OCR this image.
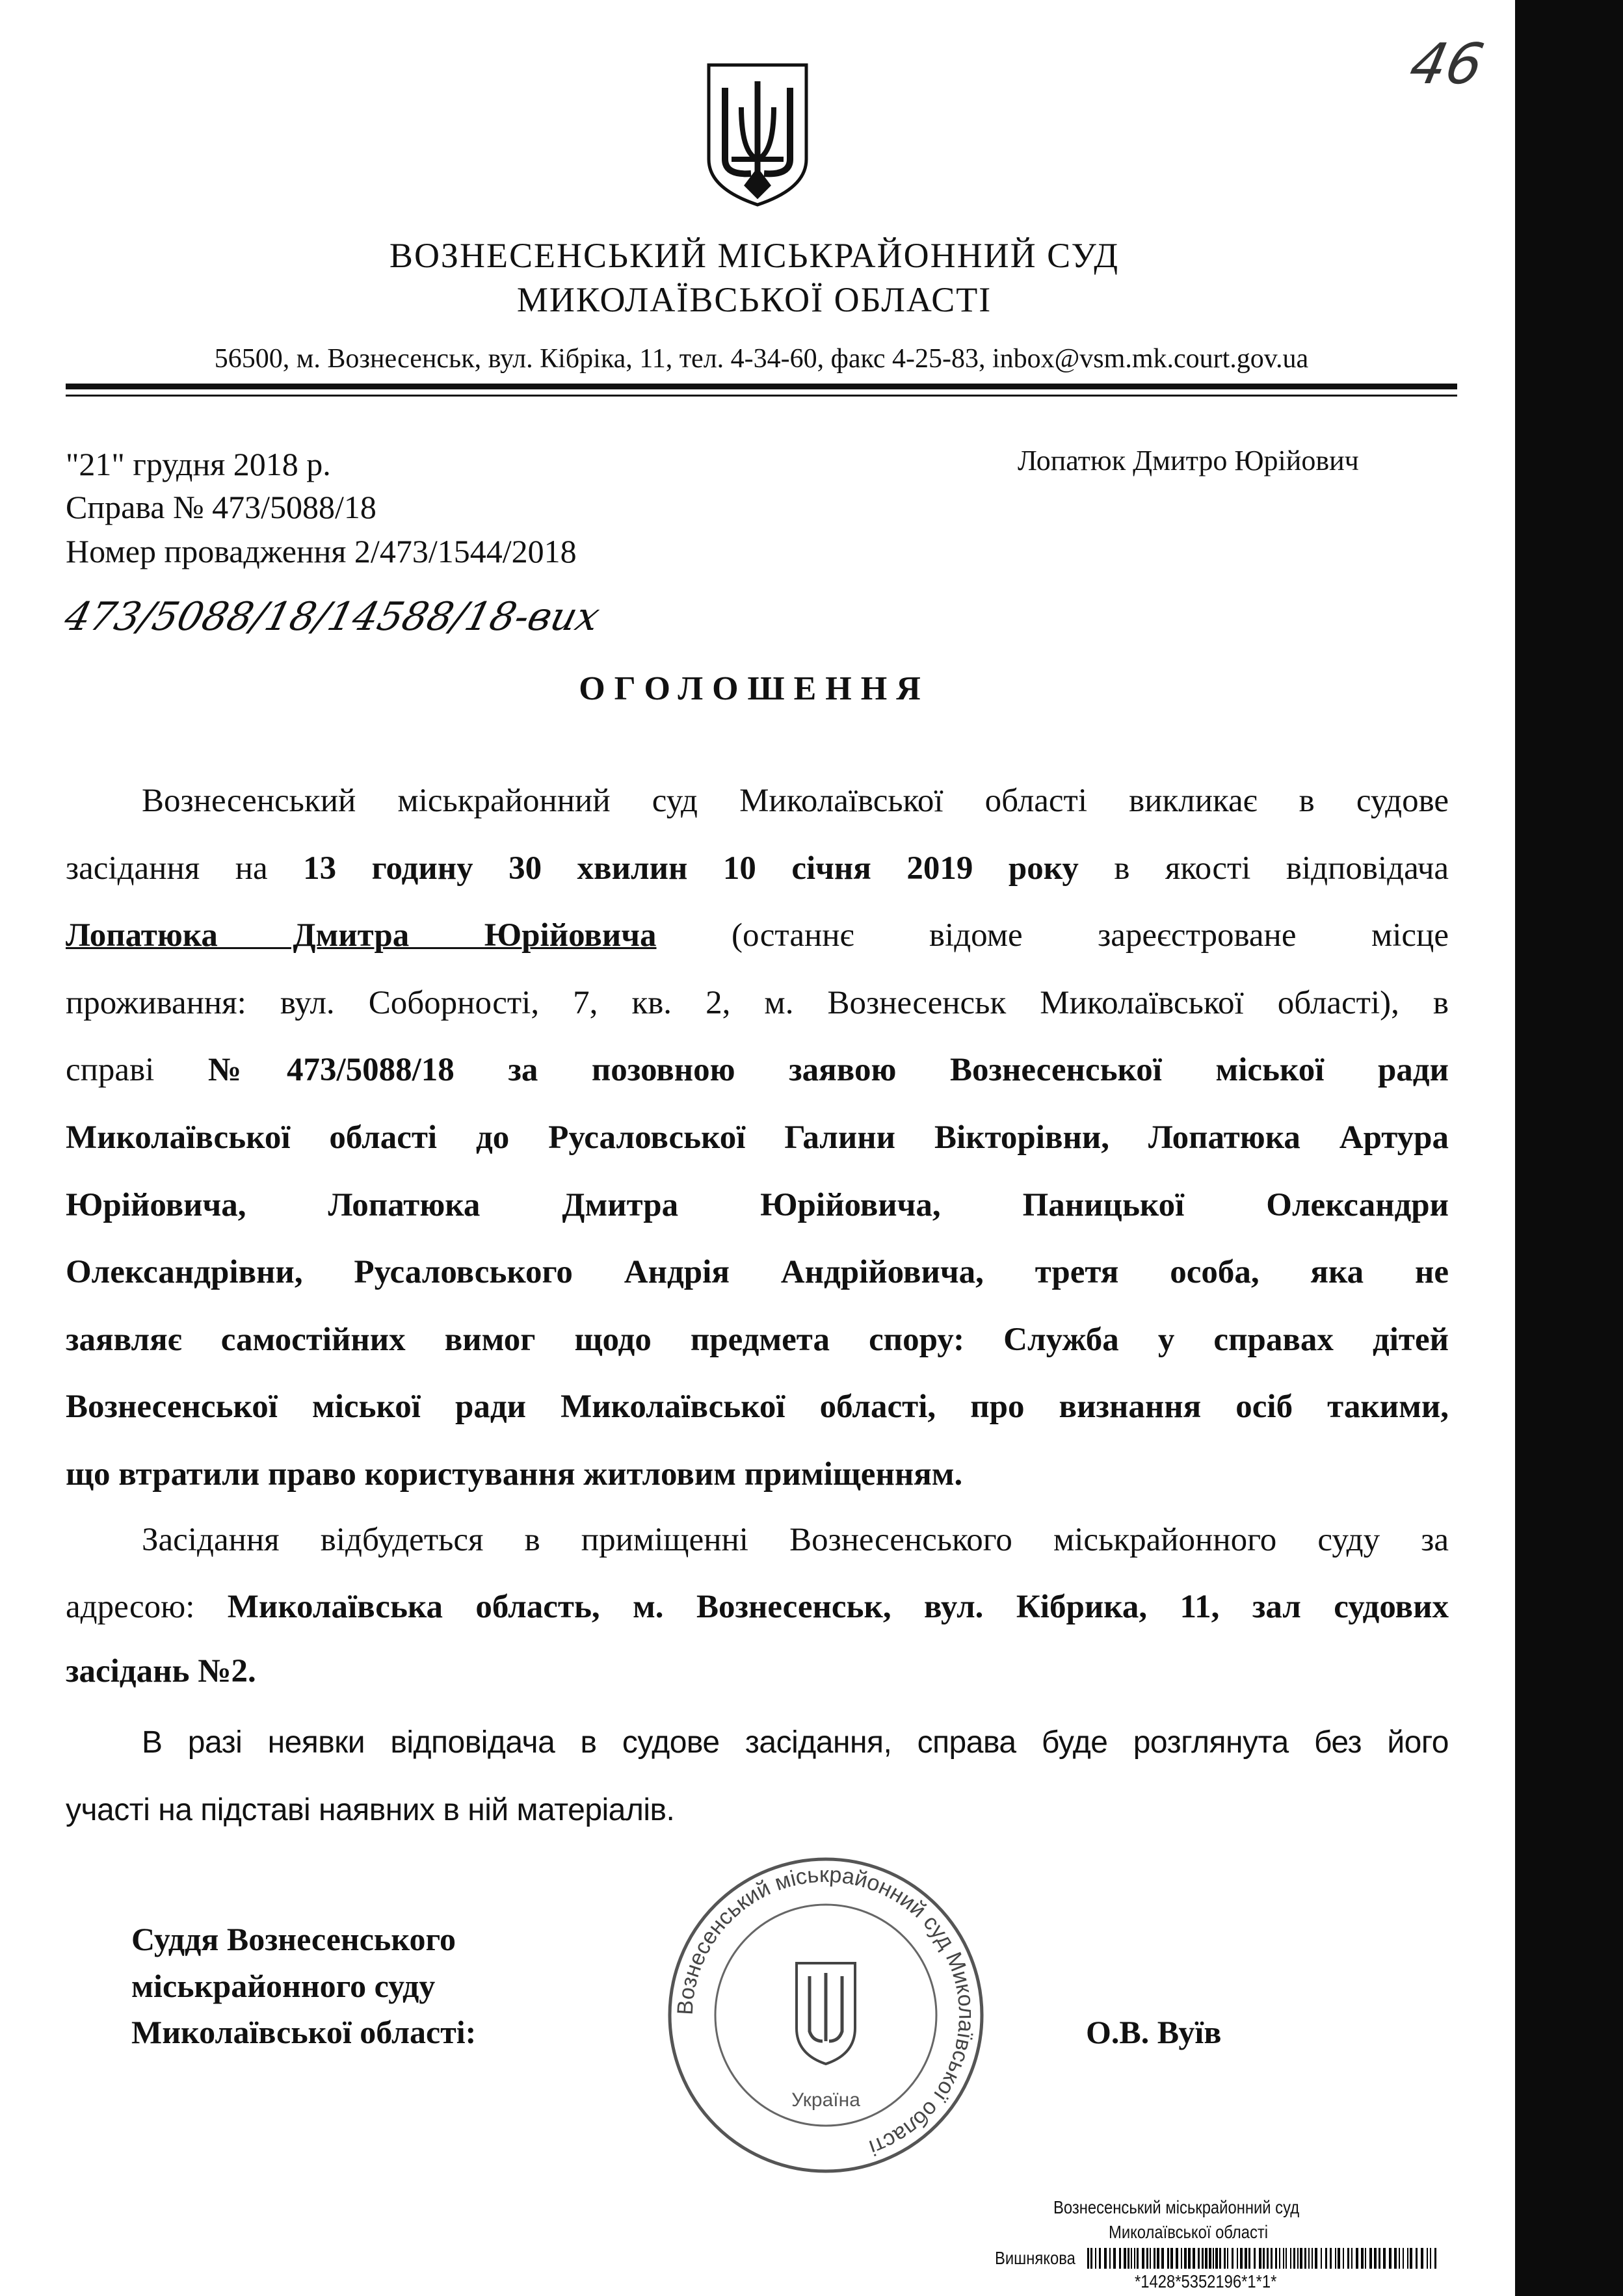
46
ВОЗНЕСЕНСЬКИЙ МІСЬКРАЙОННИЙ СУД
МИКОЛАЇВСЬКОЇ ОБЛАСТІ
56500, м. Вознесенськ, вул. Кібріка, 11, тел. 4-34-60, факс 4-25-83, inbox@vsm.mk.court.gov.ua
"21" грудня 2018 р.
Справа № 473/5088/18
Номер провадження 2/473/1544/2018
Лопатюк Дмитро Юрійович
473/5088/18/14588/18-вих
ОГОЛОШЕННЯ
Вознесенський міськрайонний суд Миколаївської області викликає в судове
засідання на 13 годину 30 хвилин 10 січня 2019 року в якості відповідача
Лопатюка Дмитра Юрійовича (останнє відоме зареєстроване місце
проживання: вул. Соборності, 7, кв. 2, м. Вознесенськ Миколаївської області), в
справі №473/5088/18 за позовною заявою Вознесенської міської ради
Миколаївської області до Русаловської Галини Вікторівни, Лопатюка Артура
Юрійовича, Лопатюка Дмитра Юрійовича, Паницької Олександри
Олександрівни, Русаловського Андрія Андрійовича, третя особа, яка не
заявляє самостійних вимог щодо предмета спору: Служба у справах дітей
Вознесенської міської ради Миколаївської області, про визнання осіб такими,
що втратили право користування житловим приміщенням.
Засідання відбудеться в приміщенні Вознесенського міськрайонного суду за
адресою: Миколаївська область, м. Вознесенськ, вул. Кібрика, 11, зал судових
засідань №2.
В разі неявки відповідача в судове засідання, справа буде розглянута без його
участі на підставі наявних в ній матеріалів.
Вознесенський міськрайонний суд Миколаївської області
Україна
Суддя Вознесенського
міськрайонного суду
Миколаївської області:	О.В. Вуїв
Вознесенський міськрайонний суд
Миколаївської області
Вишнякова
*1428*5352196*1*1*
